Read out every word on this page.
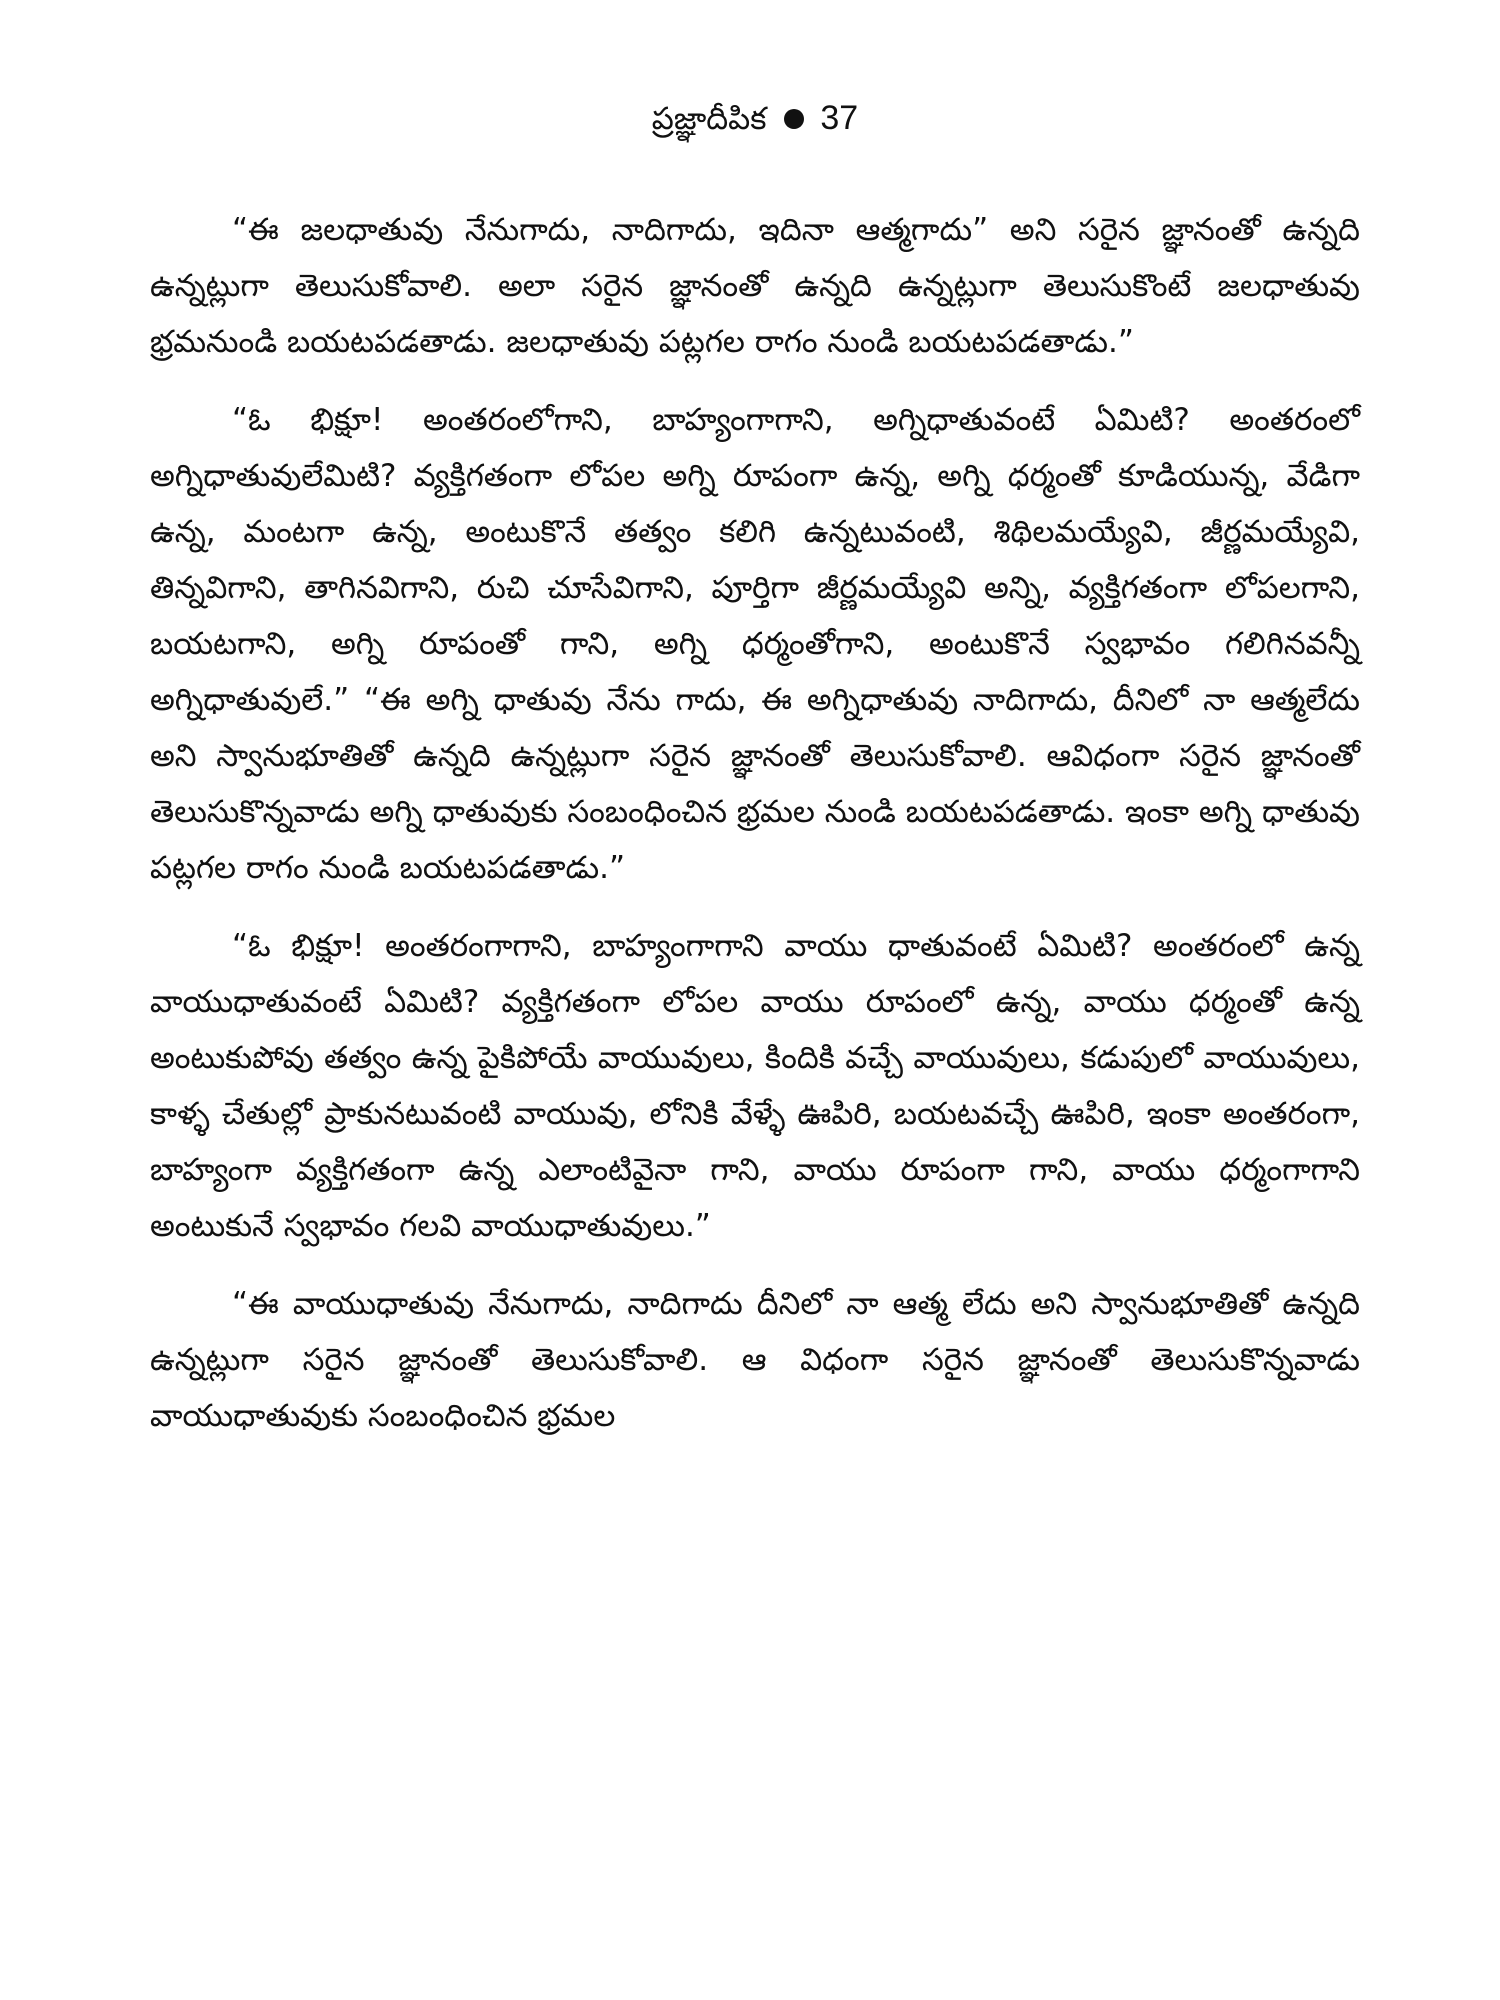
ప్రజ్ఞాదీపిక 37

“ఈ జలధాతువు నేనుగాదు, నాదిగాదు, ఇదినా ఆత్మగాదు” అని సరైన జ్ఞానంతో ఉన్నది ఉన్నట్లుగా తెలుసుకోవాలి. అలా సరైన జ్ఞానంతో ఉన్నది ఉన్నట్లుగా తెలుసుకొంటే జలధాతువు భ్రమనుండి బయటపడతాడు. జలధాతువు పట్లగల రాగం నుండి బయటపడతాడు.”

“ఓ భిక్షూ! అంతరంలోగాని, బాహ్యంగాగాని, అగ్నిధాతువంటే ఏమిటి? అంతరంలో అగ్నిధాతువులేమిటి? వ్యక్తిగతంగా లోపల అగ్ని రూపంగా ఉన్న, అగ్ని ధర్మంతో కూడియున్న, వేడిగా ఉన్న, మంటగా ఉన్న, అంటుకొనే తత్వం కలిగి ఉన్నటువంటి, శిథిలమయ్యేవి, జీర్ణమయ్యేవి, తిన్నవిగాని, తాగినవిగాని, రుచి చూసేవిగాని, పూర్తిగా జీర్ణమయ్యేవి అన్ని, వ్యక్తిగతంగా లోపలగాని, బయటగాని, అగ్ని రూపంతో గాని, అగ్ని ధర్మంతోగాని, అంటుకొనే స్వభావం గలిగినవన్నీ అగ్నిధాతువులే.” “ఈ అగ్ని ధాతువు నేను గాదు, ఈ అగ్నిధాతువు నాదిగాదు, దీనిలో నా ఆత్మలేదు అని స్వానుభూతితో ఉన్నది ఉన్నట్లుగా సరైన జ్ఞానంతో తెలుసుకోవాలి. ఆవిధంగా సరైన జ్ఞానంతో తెలుసుకొన్నవాడు అగ్ని ధాతువుకు సంబంధించిన భ్రమల నుండి బయటపడతాడు. ఇంకా అగ్ని ధాతువు పట్లగల రాగం నుండి బయటపడతాడు.”

“ఓ భిక్షూ! అంతరంగాగాని, బాహ్యంగాగాని వాయు ధాతువంటే ఏమిటి? అంతరంలో ఉన్న వాయుధాతువంటే ఏమిటి? వ్యక్తిగతంగా లోపల వాయు రూపంలో ఉన్న, వాయు ధర్మంతో ఉన్న అంటుకుపోవు తత్వం ఉన్న పైకిపోయే వాయువులు, కిందికి వచ్చే వాయువులు, కడుపులో వాయువులు, కాళ్ళ చేతుల్లో ప్రాకునటువంటి వాయువు, లోనికి వేళ్ళే ఊపిరి, బయటవచ్చే ఊపిరి, ఇంకా అంతరంగా, బాహ్యంగా వ్యక్తిగతంగా ఉన్న ఎలాంటివైనా గాని, వాయు రూపంగా గాని, వాయు ధర్మంగాగాని అంటుకునే స్వభావం గలవి వాయుధాతువులు.”

“ఈ వాయుధాతువు నేనుగాదు, నాదిగాదు దీనిలో నా ఆత్మ లేదు అని స్వానుభూతితో ఉన్నది ఉన్నట్లుగా సరైన జ్ఞానంతో తెలుసుకోవాలి. ఆ విధంగా సరైన జ్ఞానంతో తెలుసుకొన్నవాడు వాయుధాతువుకు సంబంధించిన భ్రమల
